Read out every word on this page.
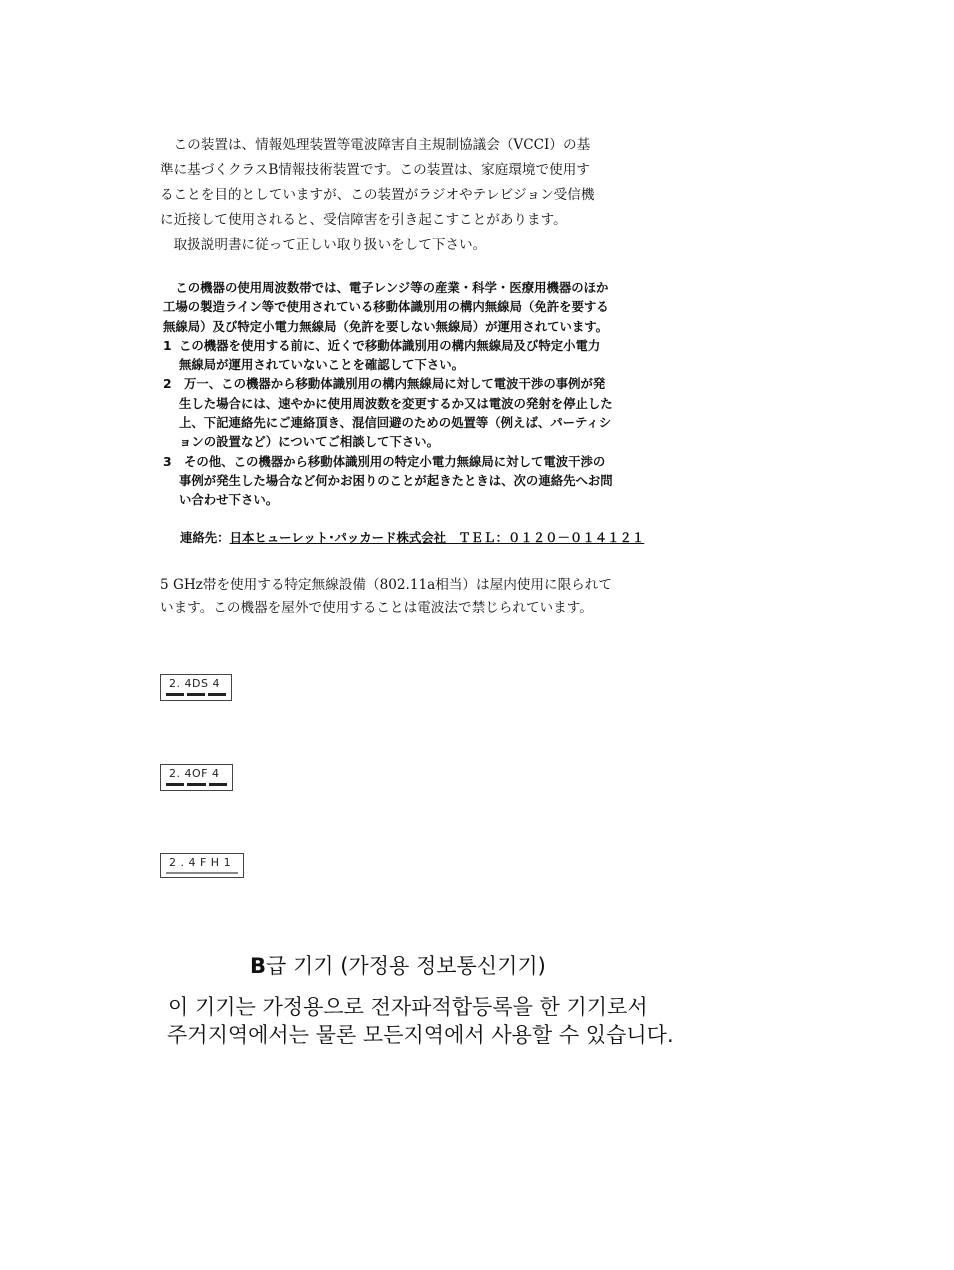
　この装置は、情報処理装置等電波障害自主規制協議会（VCCI）の基

準に基づくクラスB情報技術装置です。この装置は、家庭環境で使用す

ることを目的としていますが、この装置がラジオやテレビジョン受信機

に近接して使用されると、受信障害を引き起こすことがあります。

　取扱説明書に従って正しい取り扱いをして下さい。

　この機器の使用周波数帯では、電子レンジ等の産業・科学・医療用機器のほか

工場の製造ライン等で使用されている移動体識別用の構内無線局（免許を要する

無線局）及び特定小電力無線局（免許を要しない無線局）が運用されています。

1 この機器を使用する前に、近くで移動体識別用の構内無線局及び特定小電力

無線局が運用されていないことを確認して下さい。

2　 万一、この機器から移動体識別用の構内無線局に対して電波干渉の事例が発

生した場合には、速やかに使用周波数を変更するか又は電波の発射を停止した

上、下記連絡先にご連絡頂き、混信回避のための処置等（例えば、パーティシ

ョンの設置など）についてご相談して下さい。

3　 その他、この機器から移動体識別用の特定小電力無線局に対して電波干渉の

事例が発生した場合など何かお困りのことが起きたときは、次の連絡先へお問

い合わせ下さい。

連絡先：日本ヒューレット･パッカード株式会社　ＴＥＬ：０１２０－０１４１２１

5 GHz帯を使用する特定無線設備（802.11a相当）は屋内使用に限られて

います。この機器を屋外で使用することは電波法で禁じられています。

2. 4DS 4
2. 4OF 4
2 . 4 F H 1
B급 기기 (가정용 정보통신기기)

이 기기는 가정용으로 전자파적합등록을 한 기기로서

주거지역에서는 물론 모든지역에서 사용할 수 있습니다.
